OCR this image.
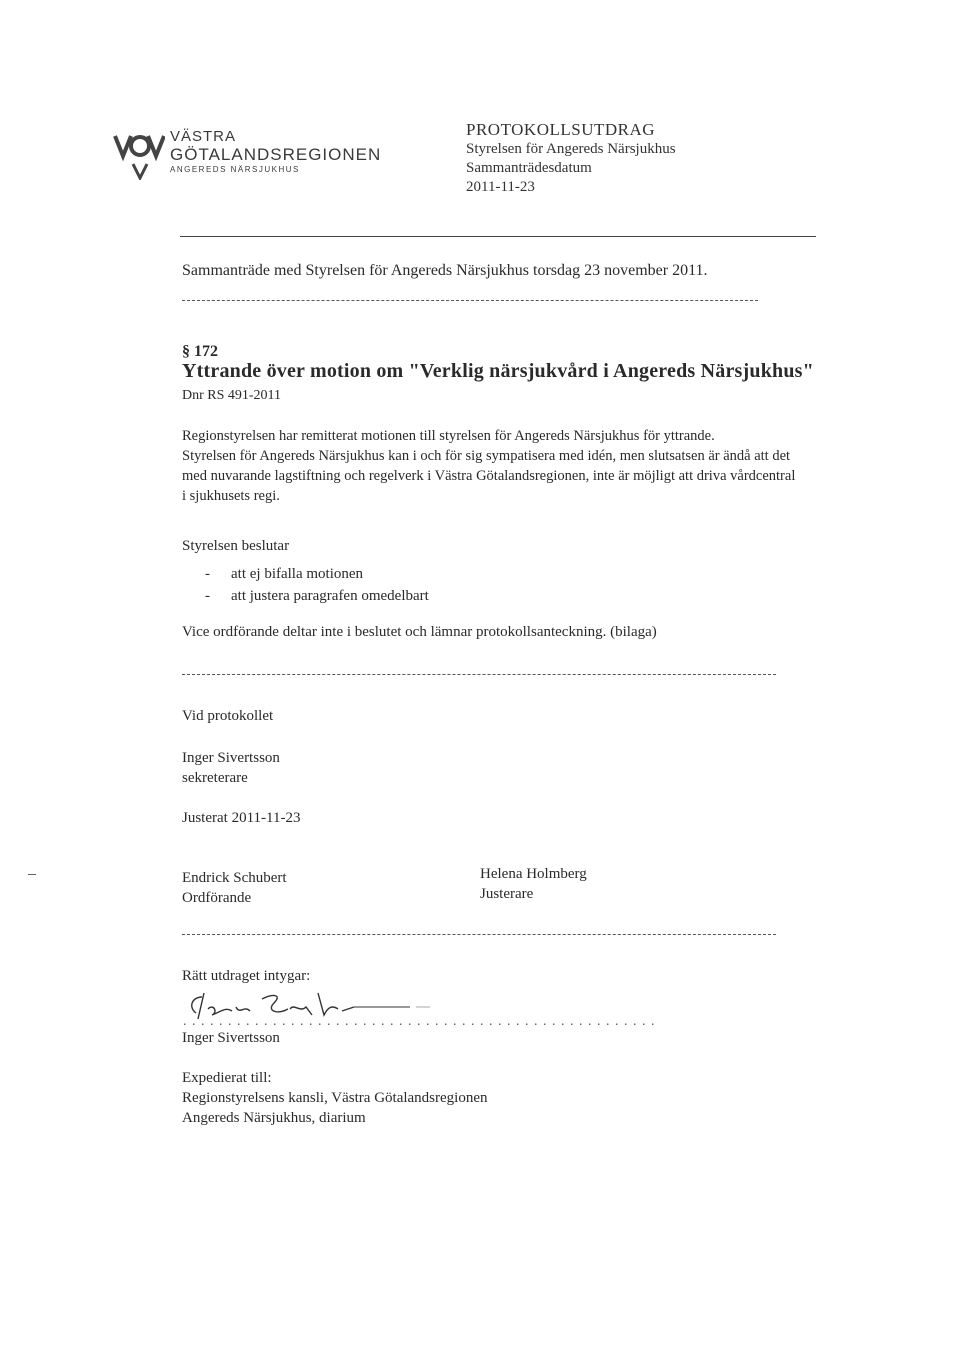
VÄSTRA
GÖTALANDSREGIONEN
ANGEREDS NÄRSJUKHUS
PROTOKOLLSUTDRAG
Styrelsen för Angereds Närsjukhus
Sammanträdesdatum
2011-11-23
Sammanträde med Styrelsen för Angereds Närsjukhus torsdag 23 november 2011.
§ 172
Yttrande över motion om "Verklig närsjukvård i Angereds Närsjukhus"
Dnr RS 491-2011

Regionstyrelsen har remitterat motionen till styrelsen för Angereds Närsjukhus för yttrande.

Styrelsen för Angereds Närsjukhus kan i och för sig sympatisera med idén, men slutsatsen är ändå att det med nuvarande lagstiftning och regelverk i Västra Götalandsregionen, inte är möjligt att driva vårdcentral i sjukhusets regi.

Styrelsen beslutar
- att ej bifalla motionen
- att justera paragrafen omedelbart
Vice ordförande deltar inte i beslutet och lämnar protokollsanteckning. (bilaga)
Vid protokollet
Inger Sivertsson
sekreterare
Justerat 2011-11-23
Endrick Schubert
Ordförande
Helena Holmberg
Justerare
Rätt utdraget intygar:
. . . . . . . . . . . . . . . . . . . . . . . . . . . . . . . . . . . . . . . . . . . . . . . . . . . . .
Inger Sivertsson
Expedierat till:
Regionstyrelsens kansli, Västra Götalandsregionen
Angereds Närsjukhus, diarium
